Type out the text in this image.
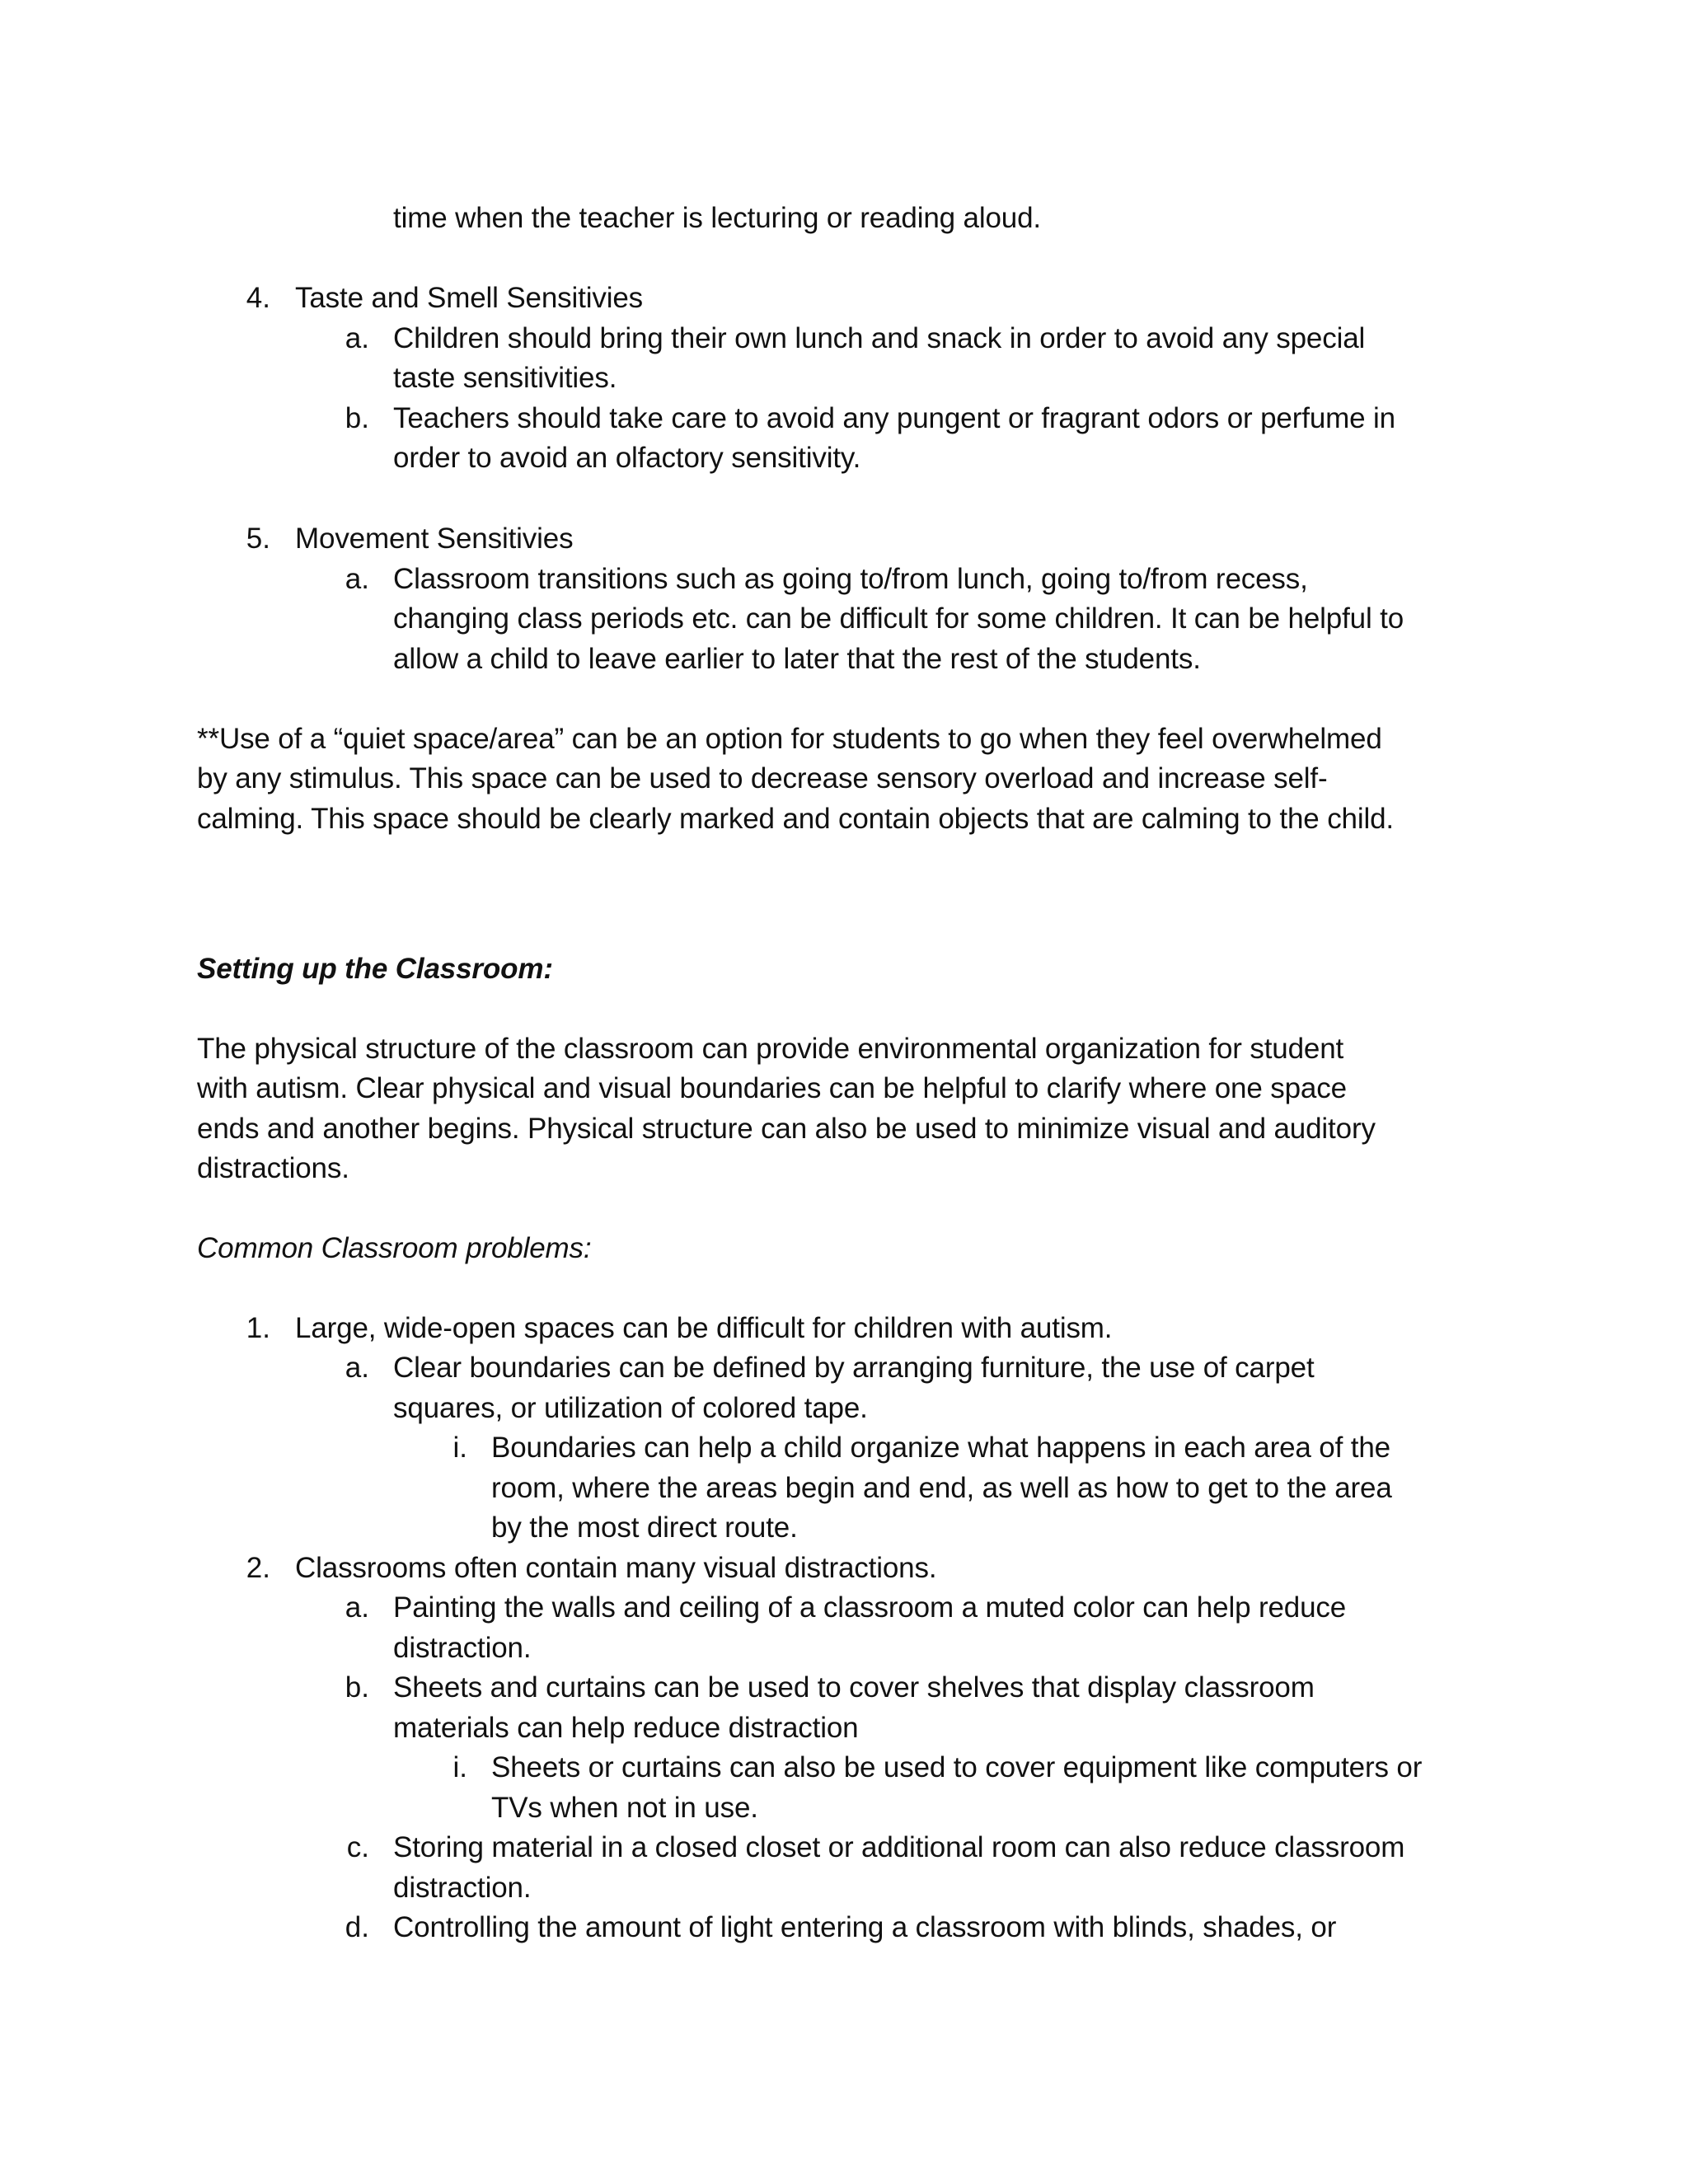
time when the teacher is lecturing or reading aloud.
4. Taste and Smell Sensitivies
a. Children should bring their own lunch and snack in order to avoid any special
taste sensitivities.
b. Teachers should take care to avoid any pungent or fragrant odors or perfume in
order to avoid an olfactory sensitivity.
5. Movement Sensitivies
a. Classroom transitions such as going to/from lunch, going to/from recess,
changing class periods etc. can be difficult for some children. It can be helpful to
allow a child to leave earlier to later that the rest of the students.
**Use of a “quiet space/area” can be an option for students to go when they feel overwhelmed
by any stimulus. This space can be used to decrease sensory overload and increase self-
calming. This space should be clearly marked and contain objects that are calming to the child.
Setting up the Classroom:
The physical structure of the classroom can provide environmental organization for student
with autism. Clear physical and visual boundaries can be helpful to clarify where one space
ends and another begins. Physical structure can also be used to minimize visual and auditory
distractions.
Common Classroom problems:
1. Large, wide-open spaces can be difficult for children with autism.
a. Clear boundaries can be defined by arranging furniture, the use of carpet
squares, or utilization of colored tape.
i. Boundaries can help a child organize what happens in each area of the
room, where the areas begin and end, as well as how to get to the area
by the most direct route.
2. Classrooms often contain many visual distractions.
a. Painting the walls and ceiling of a classroom a muted color can help reduce
distraction.
b. Sheets and curtains can be used to cover shelves that display classroom
materials can help reduce distraction
i. Sheets or curtains can also be used to cover equipment like computers or
TVs when not in use.
c. Storing material in a closed closet or additional room can also reduce classroom
distraction.
d. Controlling the amount of light entering a classroom with blinds, shades, or
